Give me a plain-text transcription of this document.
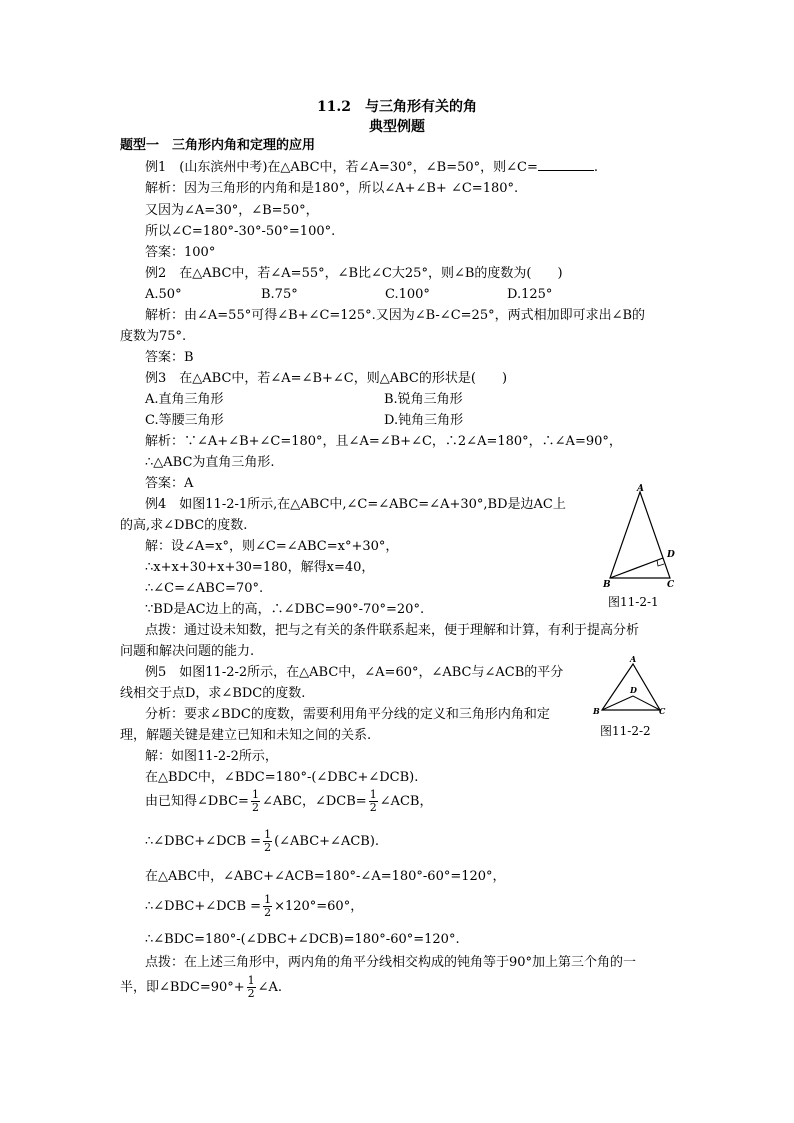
11.2　与三角形有关的角
典型例题
题型一　三角形内角和定理的应用
例1　(山东滨州中考)在△ABC中，若∠A=30°，∠B=50°，则∠C=	.
解析：因为三角形的内角和是180°，所以∠A+∠B+ ∠C=180°.
又因为∠A=30°，∠B=50°，
所以∠C=180°-30°-50°=100°.
答案：100°
例2　在△ABC中，若∠A=55°，∠B比∠C大25°，则∠B的度数为(　　)
A.50°	B.75°	C.100°	D.125°
解析：由∠A=55°可得∠B+∠C=125°.又因为∠B-∠C=25°，两式相加即可求出∠B的
度数为75°.
答案：B
例3　在△ABC中，若∠A=∠B+∠C，则△ABC的形状是(　　)
A.直角三角形	B.锐角三角形
C.等腰三角形	D.钝角三角形
解析：∵∠A+∠B+∠C=180°，且∠A=∠B+∠C，∴2∠A=180°，∴∠A=90°，
∴△ABC为直角三角形.
答案：A
例4　如图11-2-1所示,在△ABC中,∠C=∠ABC=∠A+30°,BD是边AC上
的高,求∠DBC的度数.
解：设∠A=x°，则∠C=∠ABC=x°+30°，
∴x+x+30+x+30=180，解得x=40，
∴∠C=∠ABC=70°.
∵BD是AC边上的高，∴∠DBC=90°-70°=20°.
点拨：通过设未知数，把与之有关的条件联系起来，便于理解和计算，有利于提高分析
问题和解决问题的能力.
A
B	C
D
图11-2-1
例5　如图11-2-2所示，在△ABC中，∠A=60°，∠ABC与∠ACB的平分
线相交于点D，求∠BDC的度数.
分析：要求∠BDC的度数，需要利用角平分线的定义和三角形内角和定
理，解题关键是建立已知和未知之间的关系.
解：如图11-2-2所示，
在△BDC中，∠BDC=180°-(∠DBC+∠DCB).
A
B	C
D
图11-2-2
由已知得∠DBC= $\frac{1}{2}$ ∠ABC，∠DCB= $\frac{1}{2}$ ∠ACB，
∴∠DBC+∠DCB = $\frac{1}{2}$ (∠ABC+∠ACB).
在△ABC中，∠ABC+∠ACB=180°-∠A=180°-60°=120°，
∴∠DBC+∠DCB = $\frac{1}{2} \times 120^\circ=60^\circ$，
∴∠BDC=180°-(∠DBC+∠DCB)=180°-60°=120°.
点拨：在上述三角形中，两内角的角平分线相交构成的钝角等于90°加上第三个角的一
半，即∠BDC=90°+ $\frac{1}{2}$ ∠A.
